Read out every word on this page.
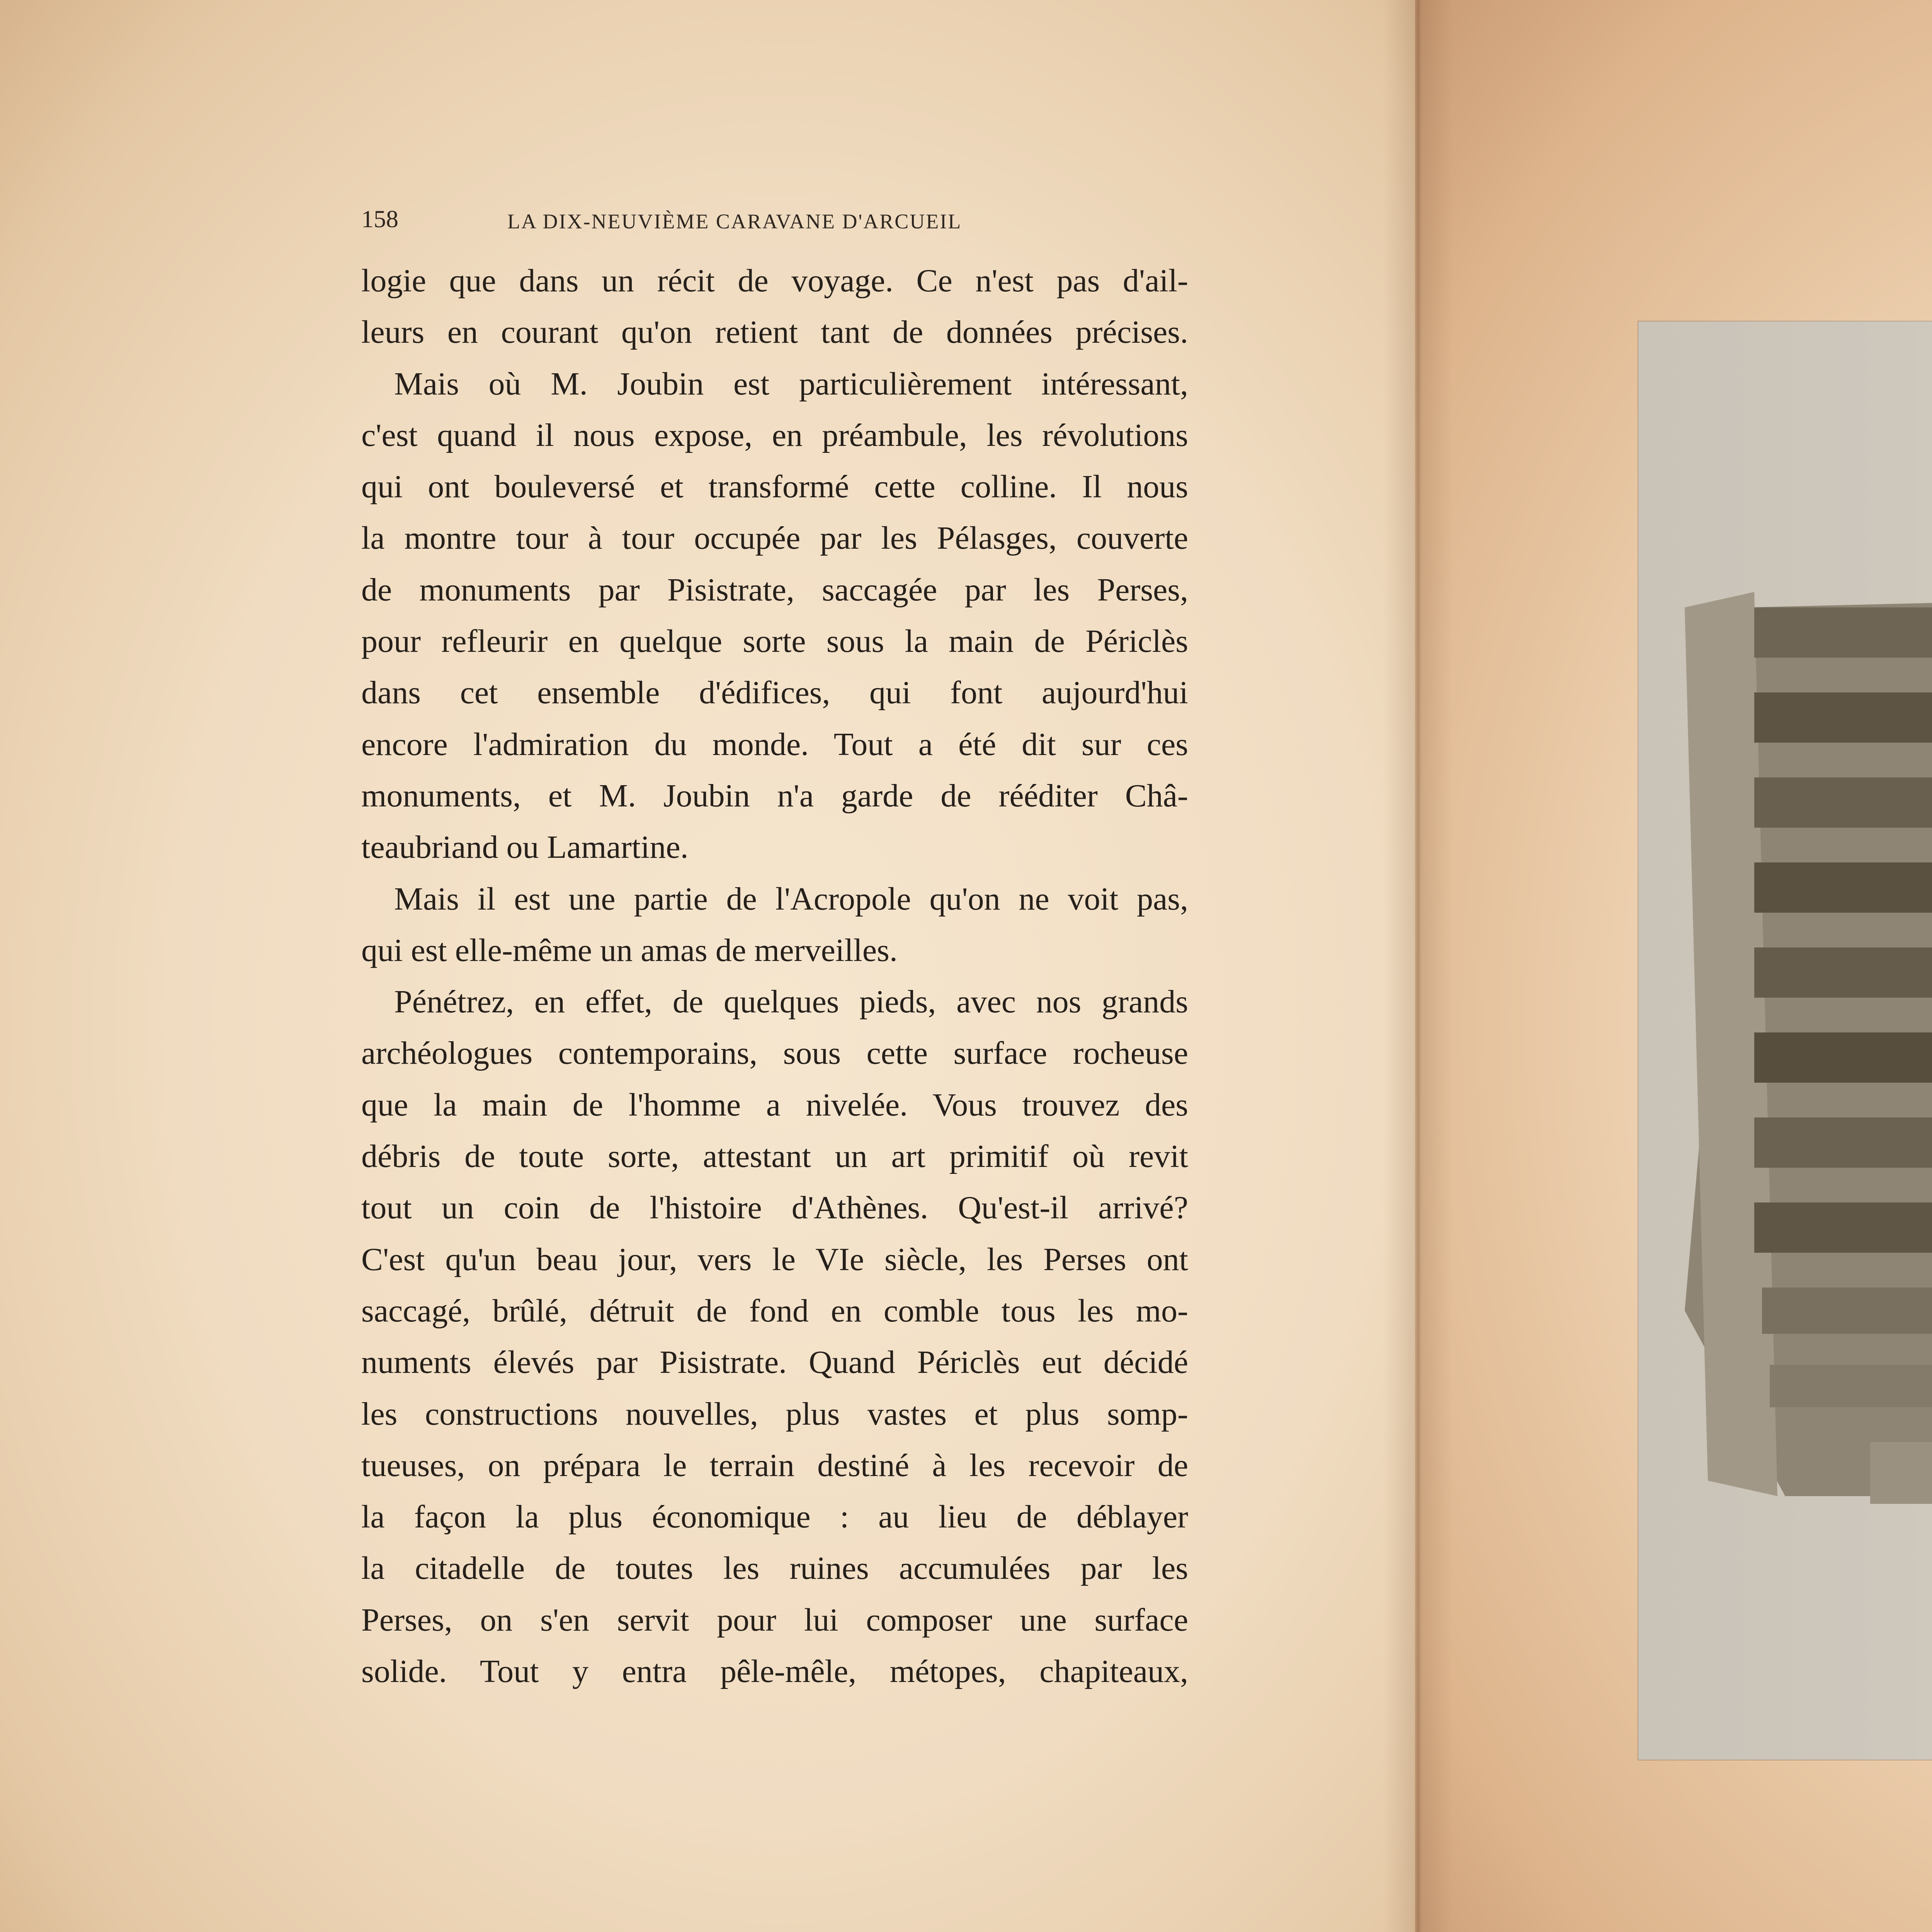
158	LA DIX-NEUVIÈME CARAVANE D'ARCUEIL
logie que dans un récit de voyage. Ce n'est pas d'ail-
leurs en courant qu'on retient tant de données précises.
Mais où M. Joubin est particulièrement intéressant,
c'est quand il nous expose, en préambule, les révolutions
qui ont bouleversé et transformé cette colline. Il nous
la montre tour à tour occupée par les Pélasges, couverte
de monuments par Pisistrate, saccagée par les Perses,
pour refleurir en quelque sorte sous la main de Périclès
dans cet ensemble d'édifices, qui font aujourd'hui
encore l'admiration du monde. Tout a été dit sur ces
monuments, et M. Joubin n'a garde de rééditer Châ-
teaubriand ou Lamartine.
Mais il est une partie de l'Acropole qu'on ne voit pas,
qui est elle-même un amas de merveilles.
Pénétrez, en effet, de quelques pieds, avec nos grands
archéologues contemporains, sous cette surface rocheuse
que la main de l'homme a nivelée. Vous trouvez des
débris de toute sorte, attestant un art primitif où revit
tout un coin de l'histoire d'Athènes. Qu'est-il arrivé?
C'est qu'un beau jour, vers le VIe siècle, les Perses ont
saccagé, brûlé, détruit de fond en comble tous les mo-
numents élevés par Pisistrate. Quand Périclès eut décidé
les constructions nouvelles, plus vastes et plus somp-
tueuses, on prépara le terrain destiné à les recevoir de
la façon la plus économique : au lieu de déblayer
la citadelle de toutes les ruines accumulées par les
Perses, on s'en servit pour lui composer une surface
solide. Tout y entra pêle-mêle, métopes, chapiteaux,
